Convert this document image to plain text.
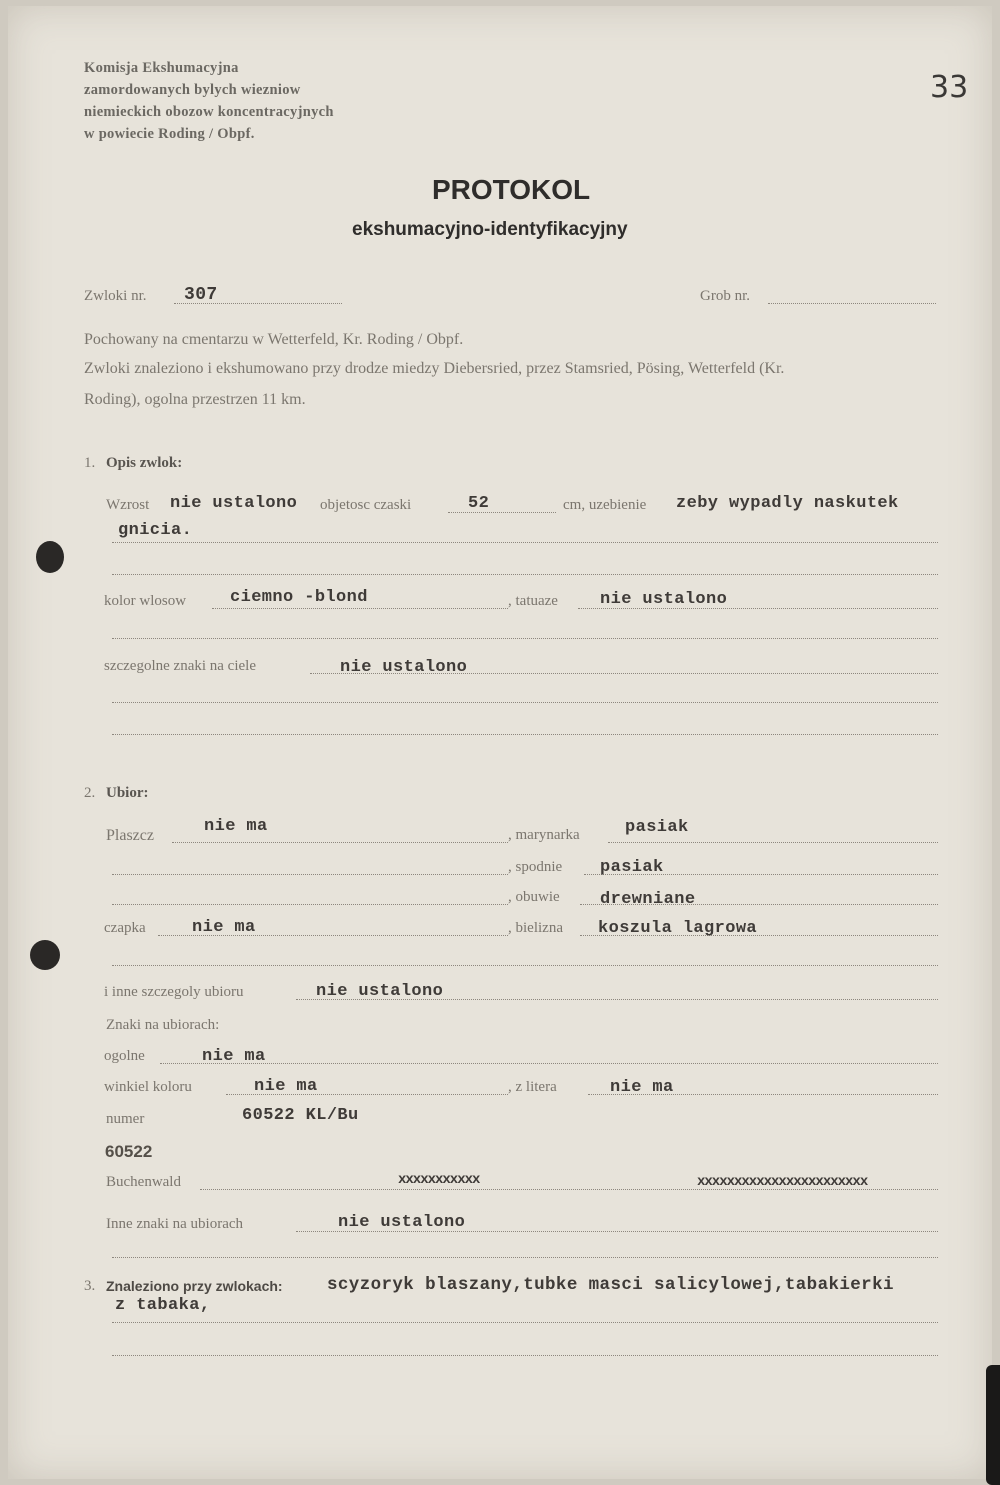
Komisja Ekshumacyjna
zamordowanych bylych wiezniow
niemieckich obozow koncentracyjnych
w powiecie Roding / Obpf.
33
PROTOKOL
ekshumacyjno-identyfikacyjny
Zwloki nr. 307	Grob nr.
Pochowany na cmentarzu w Wetterfeld, Kr. Roding / Obpf.
Zwloki znaleziono i ekshumowano przy drodze miedzy Diebersried, przez Stamsried, Pösing, Wetterfeld (Kr.
Roding), ogolna przestrzen 11 km.
1. Opis zwlok:
Wzrost nie ustalono objetosc czaski	52	cm, uzebienie zeby wypadly naskutek
gnicia.
kolor wlosow	ciemno -blond	, tatuaze nie ustalono
szczegolne znaki na ciele	nie ustalono
2. Ubior:
Plaszcz	nie ma	, marynarka	pasiak
, spodnie pasiak
, obuwie drewniane
czapka	nie ma	, bielizna koszula lagrowa
i inne szczegoly ubioru	nie ustalono
Znaki na ubiorach:
ogolne	nie ma
winkiel koloru	nie ma	, z litera	nie ma
numer	60522 KL/Bu
60522
Buchenwald	xxxxxxxxxxx	xxxxxxxxxxxxxxxxxxxxxxx
Inne znaki na ubiorach	nie ustalono
3. Znaleziono przy zwlokach:	scyzoryk blaszany,tubke masci salicylowej,tabakierki
z tabaka,
